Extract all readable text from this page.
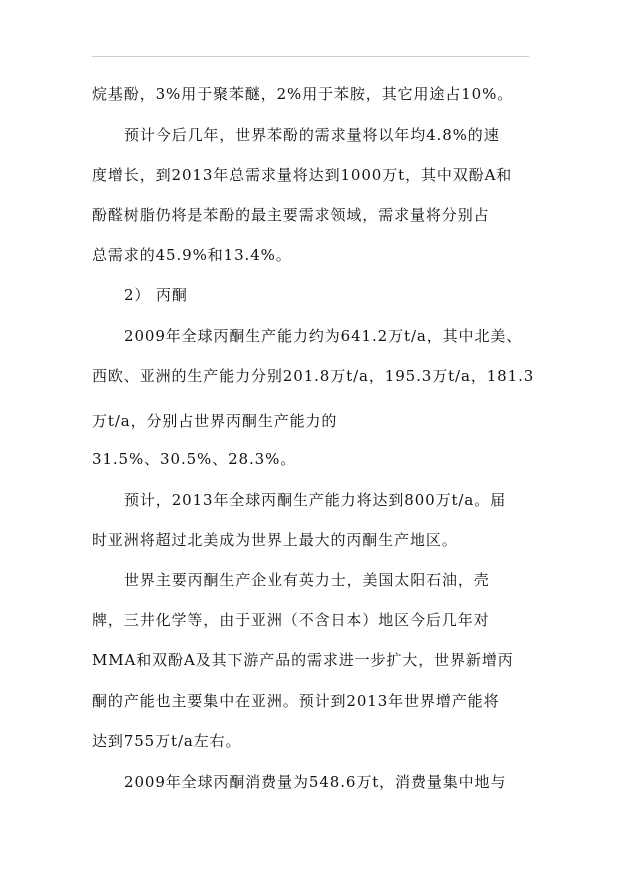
烷基酚，3%用于聚苯醚，2%用于苯胺，其它用途占10%。
预计今后几年，世界苯酚的需求量将以年均4.8%的速
度增长，到2013年总需求量将达到1000万t，其中双酚A和
酚醛树脂仍将是苯酚的最主要需求领域，需求量将分别占
总需求的45.9%和13.4%。
2） 丙酮
2009年全球丙酮生产能力约为641.2万t/a，其中北美、
西欧、亚洲的生产能力分别201.8万t/a，195.3万t/a，181.3
万t/a，分别占世界丙酮生产能力的
31.5%、30.5%、28.3%。
预计，2013年全球丙酮生产能力将达到800万t/a。届
时亚洲将超过北美成为世界上最大的丙酮生产地区。
世界主要丙酮生产企业有英力士，美国太阳石油，壳
牌，三井化学等，由于亚洲（不含日本）地区今后几年对
MMA和双酚A及其下游产品的需求进一步扩大，世界新增丙
酮的产能也主要集中在亚洲。预计到2013年世界增产能将
达到755万t/a左右。
2009年全球丙酮消费量为548.6万t，消费量集中地与
